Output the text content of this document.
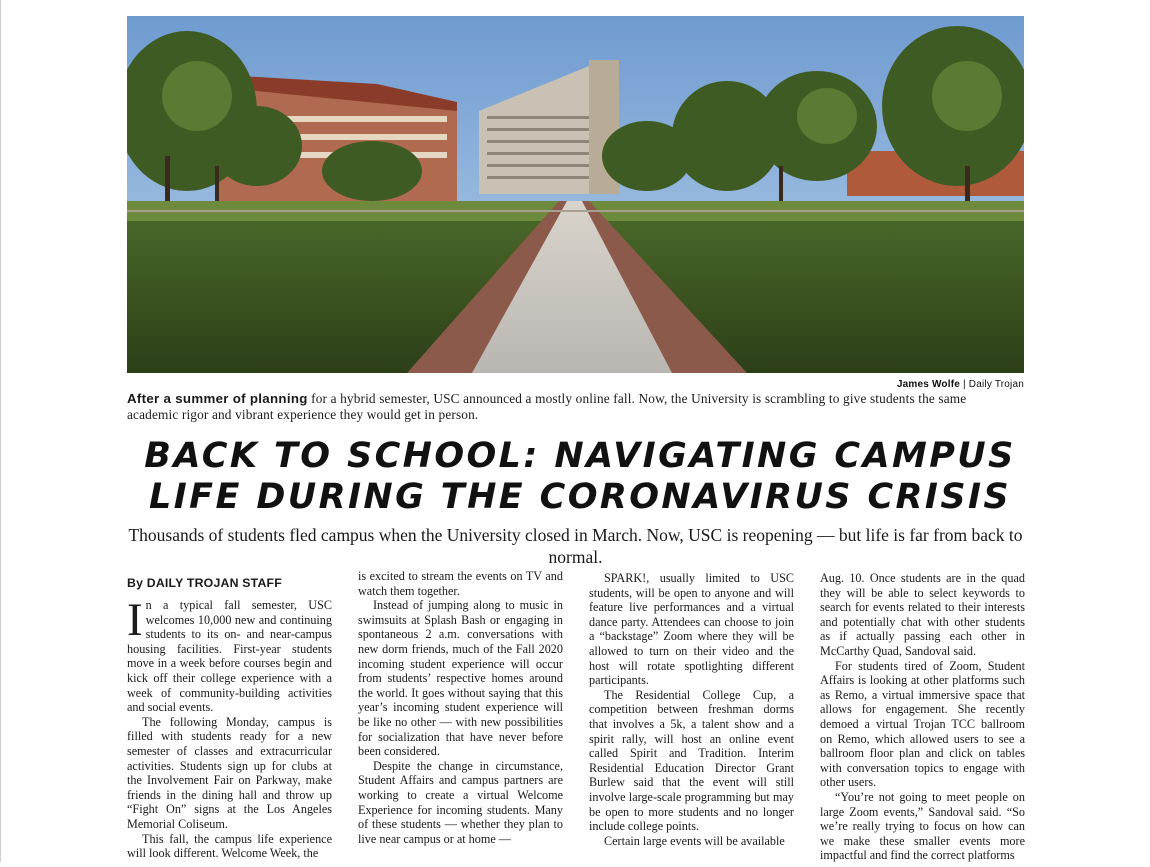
James Wolfe | Daily Trojan
After a summer of planning for a hybrid semester, USC announced a mostly online fall. Now, the University is scrambling to give students the same academic rigor and vibrant experience they would get in person.
BACK TO SCHOOL: NAVIGATING CAMPUS
LIFE DURING THE CORONAVIRUS CRISIS
Thousands of students fled campus when the University closed in March. Now, USC is reopening — but life is far from back to normal.
By DAILY TROJAN STAFF

In a typical fall semester, USC welcomes 10,000 new and continuing students to its on- and near-campus housing facilities. First-year students move in a week before courses begin and kick off their college experience with a week of community-building activities and social events.

The following Monday, campus is filled with students ready for a new semester of classes and extracurricular activities. Students sign up for clubs at the Involvement Fair on Parkway, make friends in the dining hall and throw up “Fight On” signs at the Los Angeles Memorial Coliseum.

This fall, the campus life experience will look different. Welcome Week, the

is excited to stream the events on TV and watch them together.

Instead of jumping along to music in swimsuits at Splash Bash or engaging in spontaneous 2 a.m. conversations with new dorm friends, much of the Fall 2020 incoming student experience will occur from students’ respective homes around the world. It goes without saying that this year’s incoming student experience will be like no other — with new possibilities for socialization that have never before been considered.

Despite the change in circumstance, Student Affairs and campus partners are working to create a virtual Welcome Experience for incoming students. Many of these students — whether they plan to live near campus or at home —

SPARK!, usually limited to USC students, will be open to anyone and will feature live performances and a virtual dance party. Attendees can choose to join a “backstage” Zoom where they will be allowed to turn on their video and the host will rotate spotlighting different participants.

The Residential College Cup, a competition between freshman dorms that involves a 5k, a talent show and a spirit rally, will host an online event called Spirit and Tradition. Interim Residential Education Director Grant Burlew said that the event will still involve large-scale programming but may be open to more students and no longer include college points.

Certain large events will be available

Aug. 10. Once students are in the quad they will be able to select keywords to search for events related to their interests and potentially chat with other students as if actually passing each other in McCarthy Quad, Sandoval said.

For students tired of Zoom, Student Affairs is looking at other platforms such as Remo, a virtual immersive space that allows for engagement. She recently demoed a virtual Trojan TCC ballroom on Remo, which allowed users to see a ballroom floor plan and click on tables with conversation topics to engage with other users.

“You’re not going to meet people on large Zoom events,” Sandoval said. “So we’re really trying to focus on how can we make these smaller events more impactful and find the correct platforms
